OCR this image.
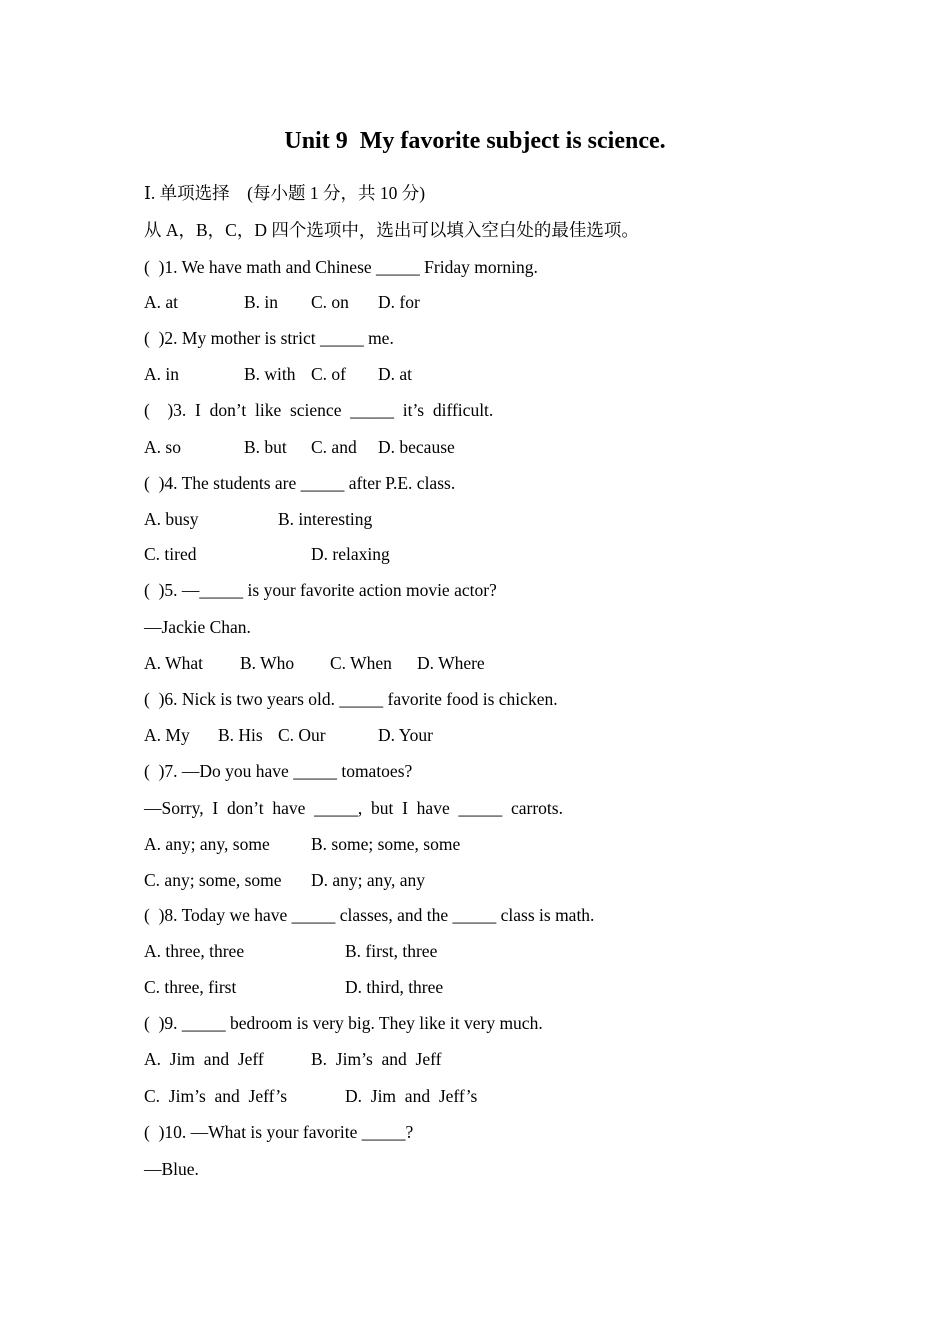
Unit 9  My favorite subject is science.
Ⅰ. 单项选择　(每小题 1 分，共 10 分)
从 A，B，C，D 四个选项中，选出可以填入空白处的最佳选项。
(  )1. We have math and Chinese _____ Friday morning.
A. at	B. in C. on D. for
(  )2. My mother is strict _____ me.
A. in	B. with C. of D. at
(    )3.  I  don’t  like  science  _____  it’s  difficult.
A. so	B. but C. and D. because
(  )4. The students are _____ after P.E. class.
A. busy	B. interesting
C. tired	D. relaxing
(  )5. —_____ is your favorite action movie actor?
—Jackie Chan.
A. What B. Who C. When D. Where
(  )6. Nick is two years old. _____ favorite food is chicken.
A. My B. His C. Our	D. Your
(  )7. —Do you have _____ tomatoes?
—Sorry,  I  don’t  have  _____,  but  I  have  _____  carrots.
A. any; any, some B. some; some, some
C. any; some, some D. any; any, any
(  )8. Today we have _____ classes, and the _____ class is math.
A. three, three	B. first, three
C. three, first	D. third, three
(  )9. _____ bedroom is very big. They like it very much.
A.  Jim  and  Jeff	B.  Jim’s  and  Jeff
C.  Jim’s  and  Jeff’s	D.  Jim  and  Jeff’s
(  )10. —What is your favorite _____?
—Blue.
